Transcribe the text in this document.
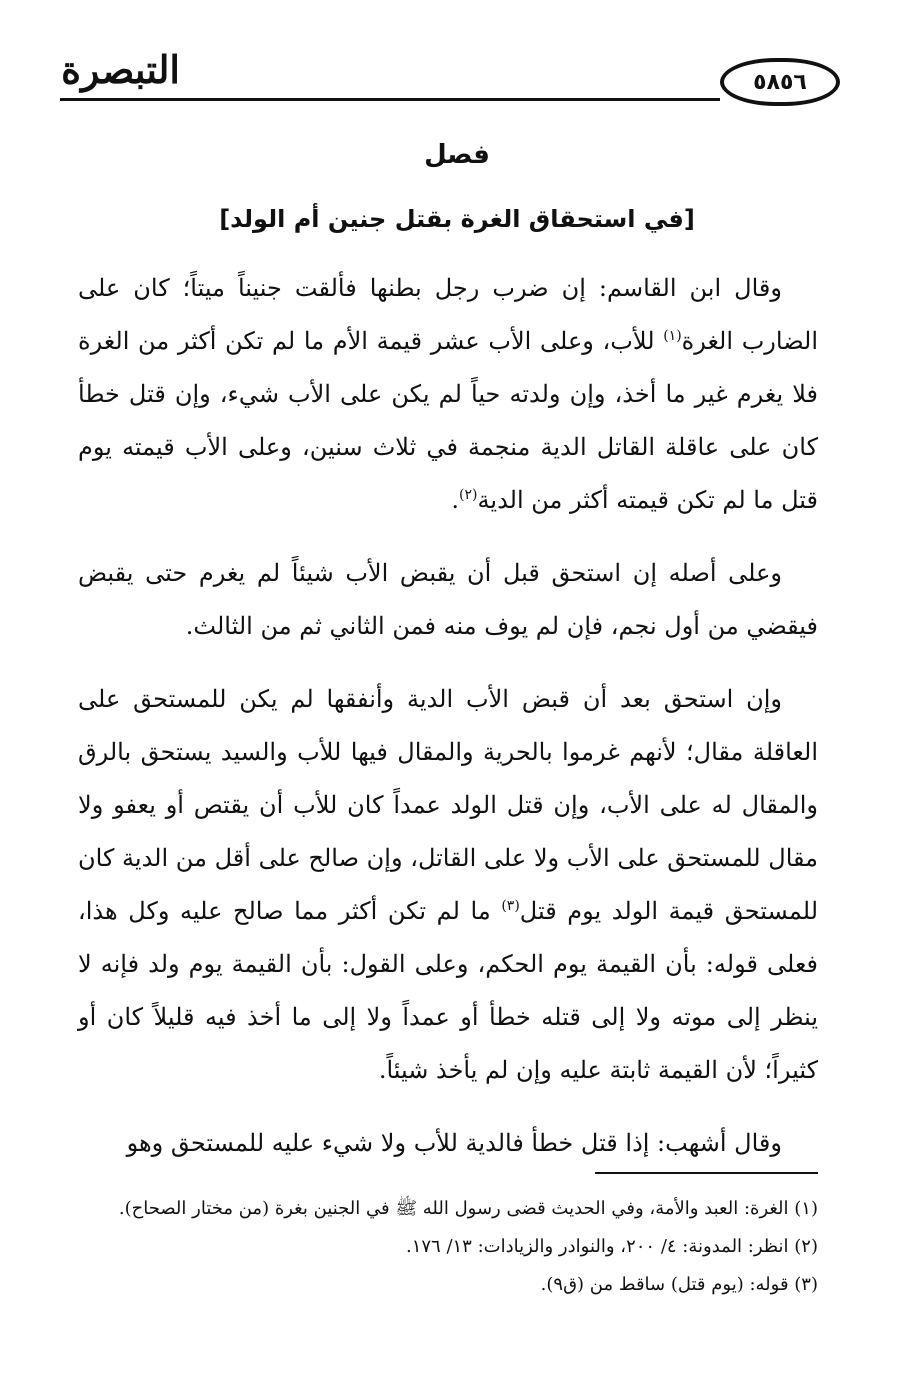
التبصرة	٥٨٥٦
فصل
[في استحقاق الغرة بقتل جنين أم الولد]

وقال ابن القاسم: إن ضرب رجل بطنها فألقت جنيناً ميتاً؛ كان على الضارب الغرة$^{(١)}$ للأب، وعلى الأب عشر قيمة الأم ما لم تكن أكثر من الغرة فلا يغرم غير ما أخذ، وإن ولدته حياً لم يكن على الأب شيء، وإن قتل خطأ كان على عاقلة القاتل الدية منجمة في ثلاث سنين، وعلى الأب قيمته يوم قتل ما لم تكن قيمته أكثر من الدية$^{(٢)}$.

وعلى أصله إن استحق قبل أن يقبض الأب شيئاً لم يغرم حتى يقبض فيقضي من أول نجم، فإن لم يوف منه فمن الثاني ثم من الثالث.

وإن استحق بعد أن قبض الأب الدية وأنفقها لم يكن للمستحق على العاقلة مقال؛ لأنهم غرموا بالحرية والمقال فيها للأب والسيد يستحق بالرق والمقال له على الأب، وإن قتل الولد عمداً كان للأب أن يقتص أو يعفو ولا مقال للمستحق على الأب ولا على القاتل، وإن صالح على أقل من الدية كان للمستحق قيمة الولد يوم قتل$^{(٣)}$ ما لم تكن أكثر مما صالح عليه وكل هذا، فعلى قوله: بأن القيمة يوم الحكم، وعلى القول: بأن القيمة يوم ولد فإنه لا ينظر إلى موته ولا إلى قتله خطأ أو عمداً ولا إلى ما أخذ فيه قليلاً كان أو كثيراً؛ لأن القيمة ثابتة عليه وإن لم يأخذ شيئاً.

وقال أشهب: إذا قتل خطأ فالدية للأب ولا شيء عليه للمستحق وهو

(١) الغرة: العبد والأمة، وفي الحديث قضى رسول الله ﷺ في الجنين بغرة (من مختار الصحاح).
(٢) انظر: المدونة: ٤/ ٢٠٠، والنوادر والزيادات: ١٣/ ١٧٦.
(٣) قوله: (يوم قتل) ساقط من (ق٩).
